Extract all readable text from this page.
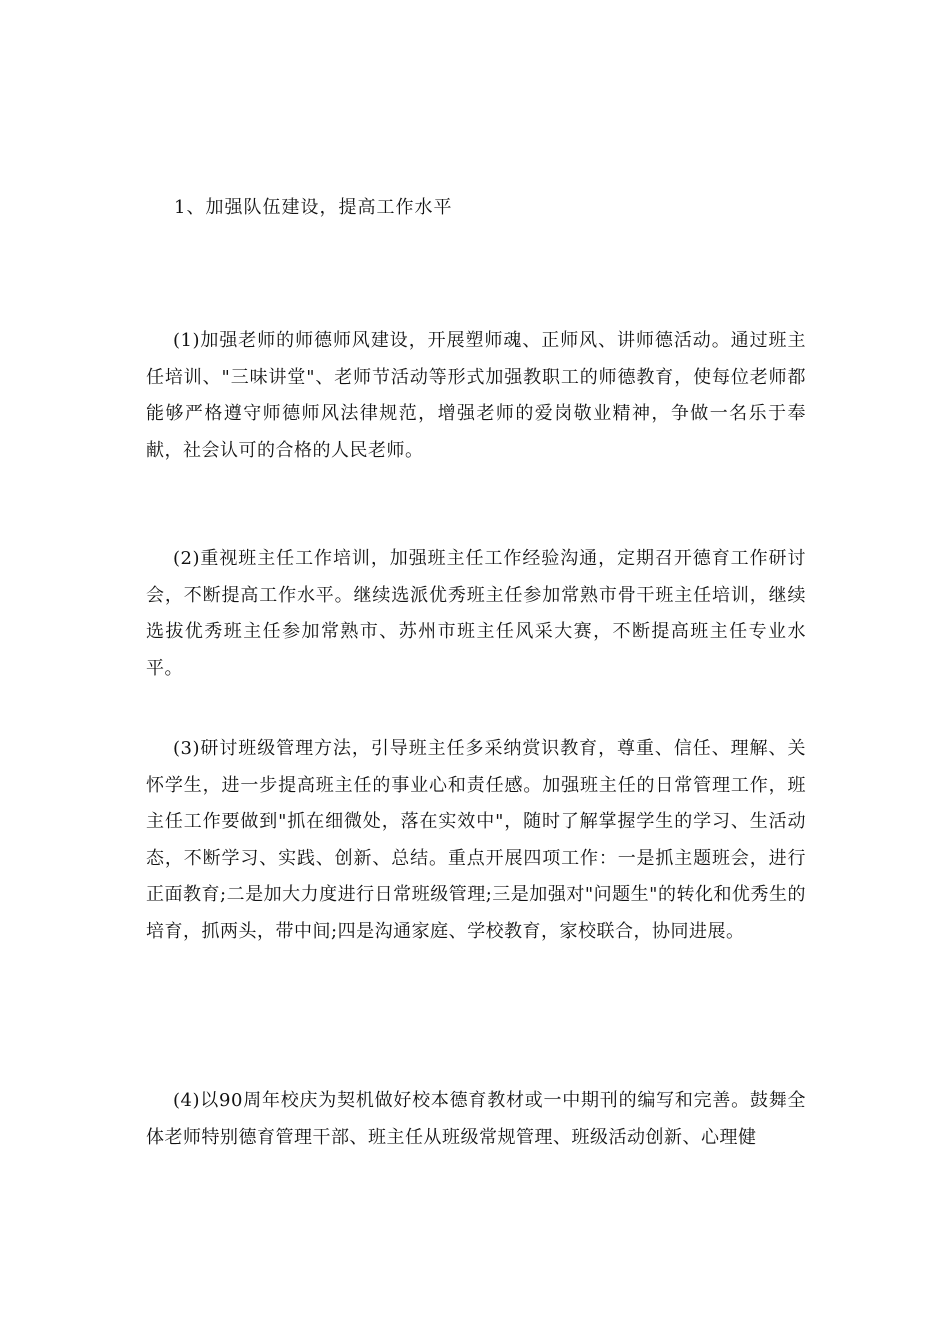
1、加强队伍建设，提高工作水平

(1)加强老师的师德师风建设，开展塑师魂、正师风、讲师德活动。通过班主任培训、"三味讲堂"、老师节活动等形式加强教职工的师德教育，使每位老师都能够严格遵守师德师风法律规范，增强老师的爱岗敬业精神，争做一名乐于奉献，社会认可的合格的人民老师。

(2)重视班主任工作培训，加强班主任工作经验沟通，定期召开德育工作研讨会，不断提高工作水平。继续选派优秀班主任参加常熟市骨干班主任培训，继续选拔优秀班主任参加常熟市、苏州市班主任风采大赛，不断提高班主任专业水平。

(3)研讨班级管理方法，引导班主任多采纳赏识教育，尊重、信任、理解、关怀学生，进一步提高班主任的事业心和责任感。加强班主任的日常管理工作，班主任工作要做到"抓在细微处，落在实效中"，随时了解掌握学生的学习、生活动态，不断学习、实践、创新、总结。重点开展四项工作：一是抓主题班会，进行正面教育;二是加大力度进行日常班级管理;三是加强对"问题生"的转化和优秀生的培育，抓两头，带中间;四是沟通家庭、学校教育，家校联合，协同进展。

(4)以90周年校庆为契机做好校本德育教材或一中期刊的编写和完善。鼓舞全体老师特别德育管理干部、班主任从班级常规管理、班级活动创新、心理健
